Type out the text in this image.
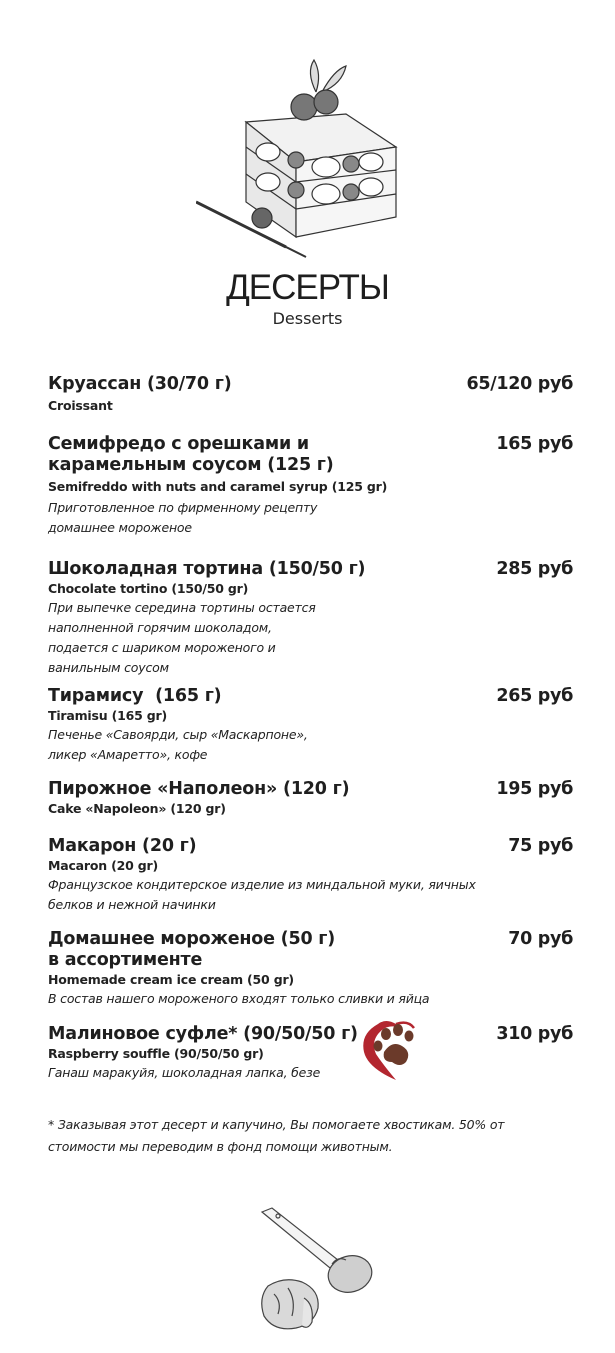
ДЕСЕРТЫ
Desserts
Круассан (30/70 г)
Croissant
65/120 руб
Семифредо с орешками и
карамельным соусом (125 г)
Semifreddo with nuts and caramel syrup (125 gr)
Приготовленное по фирменному рецепту
домашнее мороженое
165 руб
Шоколадная тортина (150/50 г)
Chocolate tortino (150/50 gr)
При выпечке середина тортины остается
наполненной горячим шоколадом,
подается с шариком мороженого и
ванильным соусом
285 руб
Тирамису  (165 г)
Tiramisu (165 gr)
Печенье «Савоярди, сыр «Маскарпоне»,
ликер «Амаретто», кофе
265 руб
Пирожное «Наполеон» (120 г)
Cake «Napoleon» (120 gr)
195 руб
Макарон (20 г)
Macaron (20 gr)
Французское кондитерское изделие из миндальной муки, яичных
белков и нежной начинки
75 руб
Домашнее мороженое (50 г)
в ассортименте
Homemade cream ice cream (50 gr)
В состав нашего мороженого входят только сливки и яйца
70 руб
Малиновое суфле* (90/50/50 г)
Raspberry souffle (90/50/50 gr)
Ганаш маракуйя, шоколадная лапка, безе
310 руб
* Заказывая этот десерт и капучино, Вы помогаете хвостикам. 50% от
стоимости мы переводим в фонд помощи животным.
